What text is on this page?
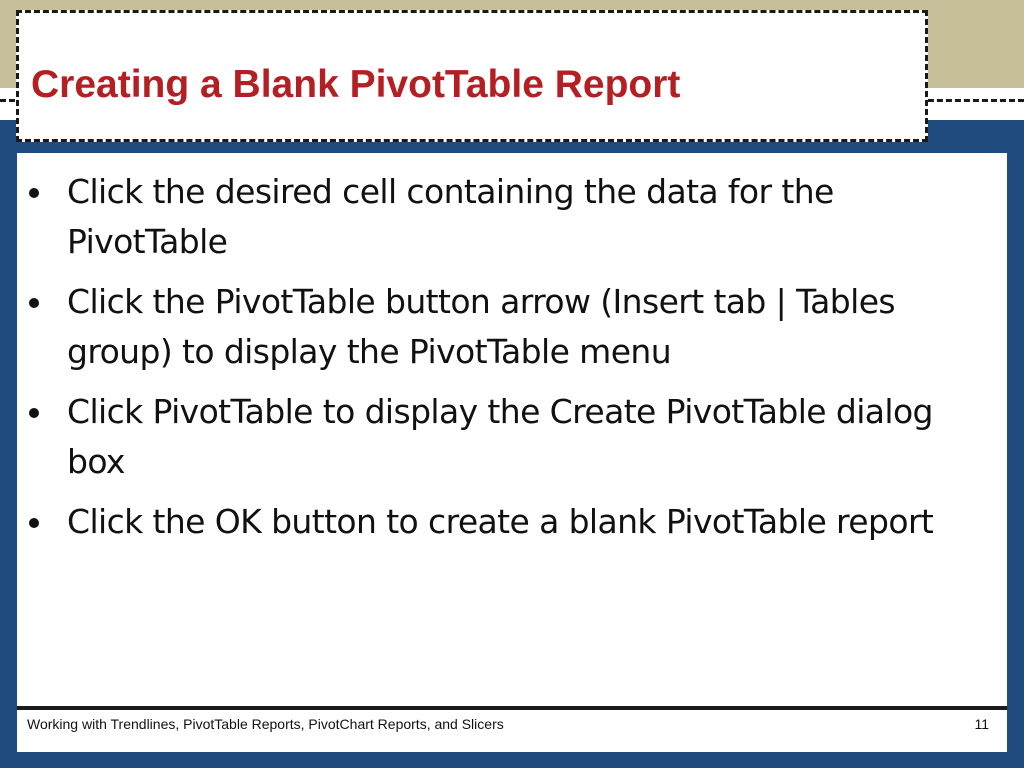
Creating a Blank PivotTable Report
Click the desired cell containing the data for the PivotTable
Click the PivotTable button arrow (Insert tab | Tables group) to display the PivotTable menu
Click PivotTable to display the Create PivotTable dialog box
Click the OK button to create a blank PivotTable report
Working with Trendlines, PivotTable Reports, PivotChart Reports, and Slicers	11
